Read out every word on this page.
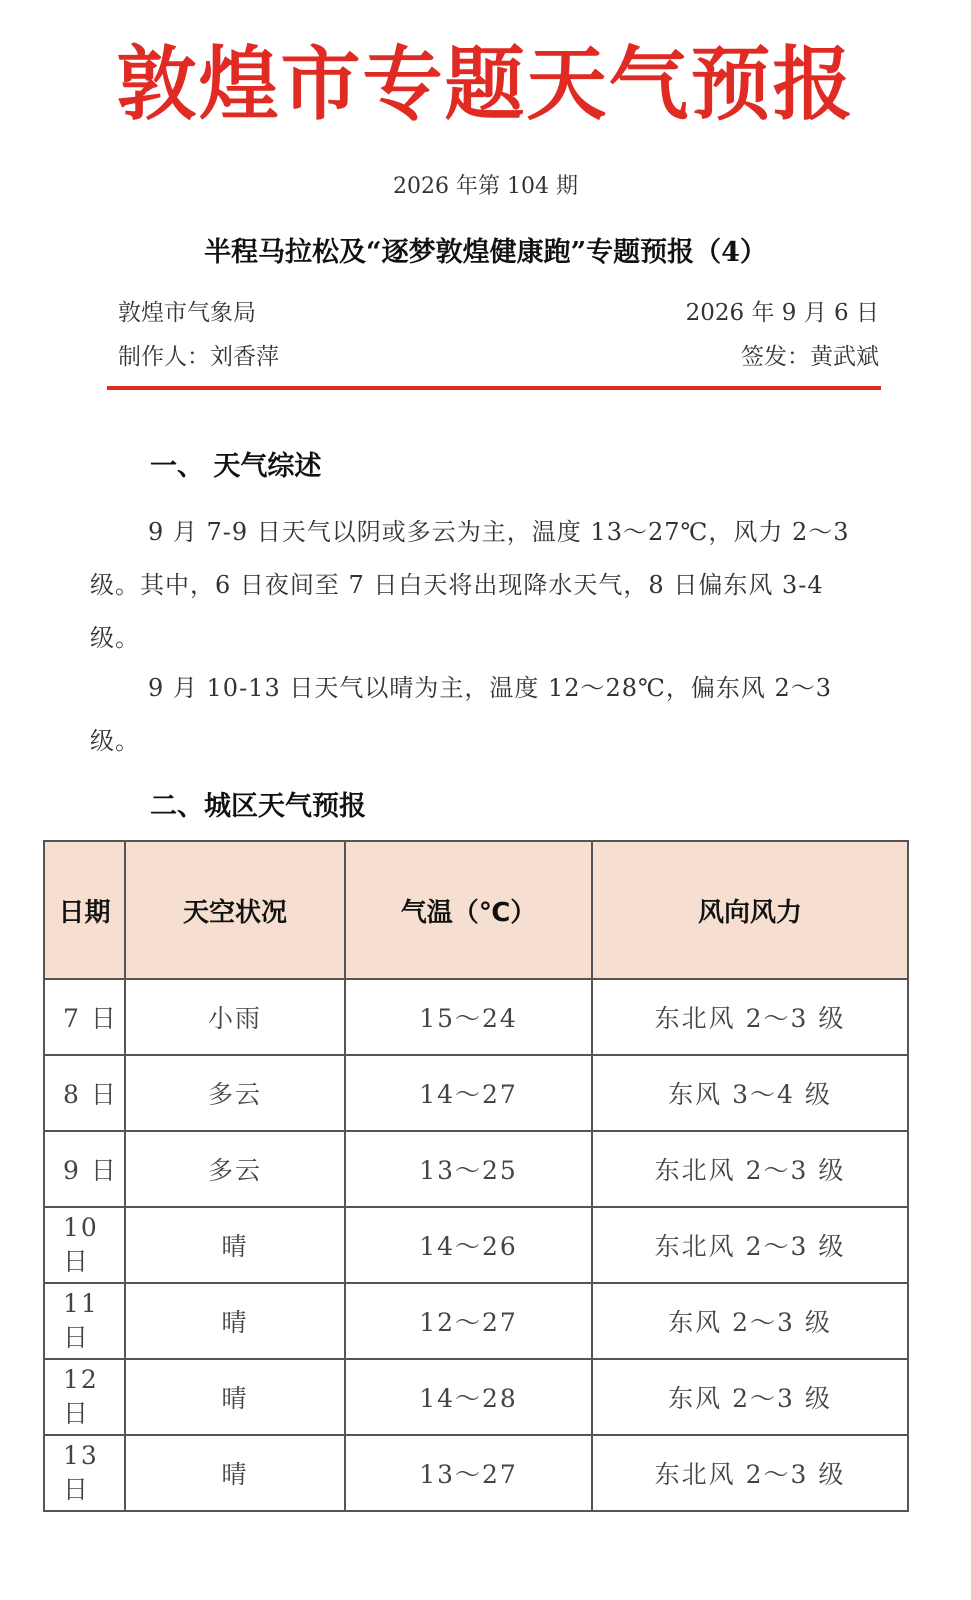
敦煌市专题天气预报
2026 年第 104 期
半程马拉松及“逐梦敦煌健康跑”专题预报（4）
敦煌市气象局	2026 年 9 月 6 日
制作人：刘香萍	签发：黄武斌
一、 天气综述

9 月 7-9 日天气以阴或多云为主，温度 13～27℃，风力 2～3 级。其中，6 日夜间至 7 日白天将出现降水天气，8 日偏东风 3-4 级。

9 月 10-13 日天气以晴为主，温度 12～28℃，偏东风 2～3 级。

二、城区天气预报
日期	天空状况	气温（℃）	风向风力
7 日	小雨	15～24	东北风 2～3 级
8 日	多云	14～27	东风 3～4 级
9 日	多云	13～25	东北风 2～3 级
10 日	晴	14～26	东北风 2～3 级
11 日	晴	12～27	东风 2～3 级
12 日	晴	14～28	东风 2～3 级
13 日	晴	13～27	东北风 2～3 级
